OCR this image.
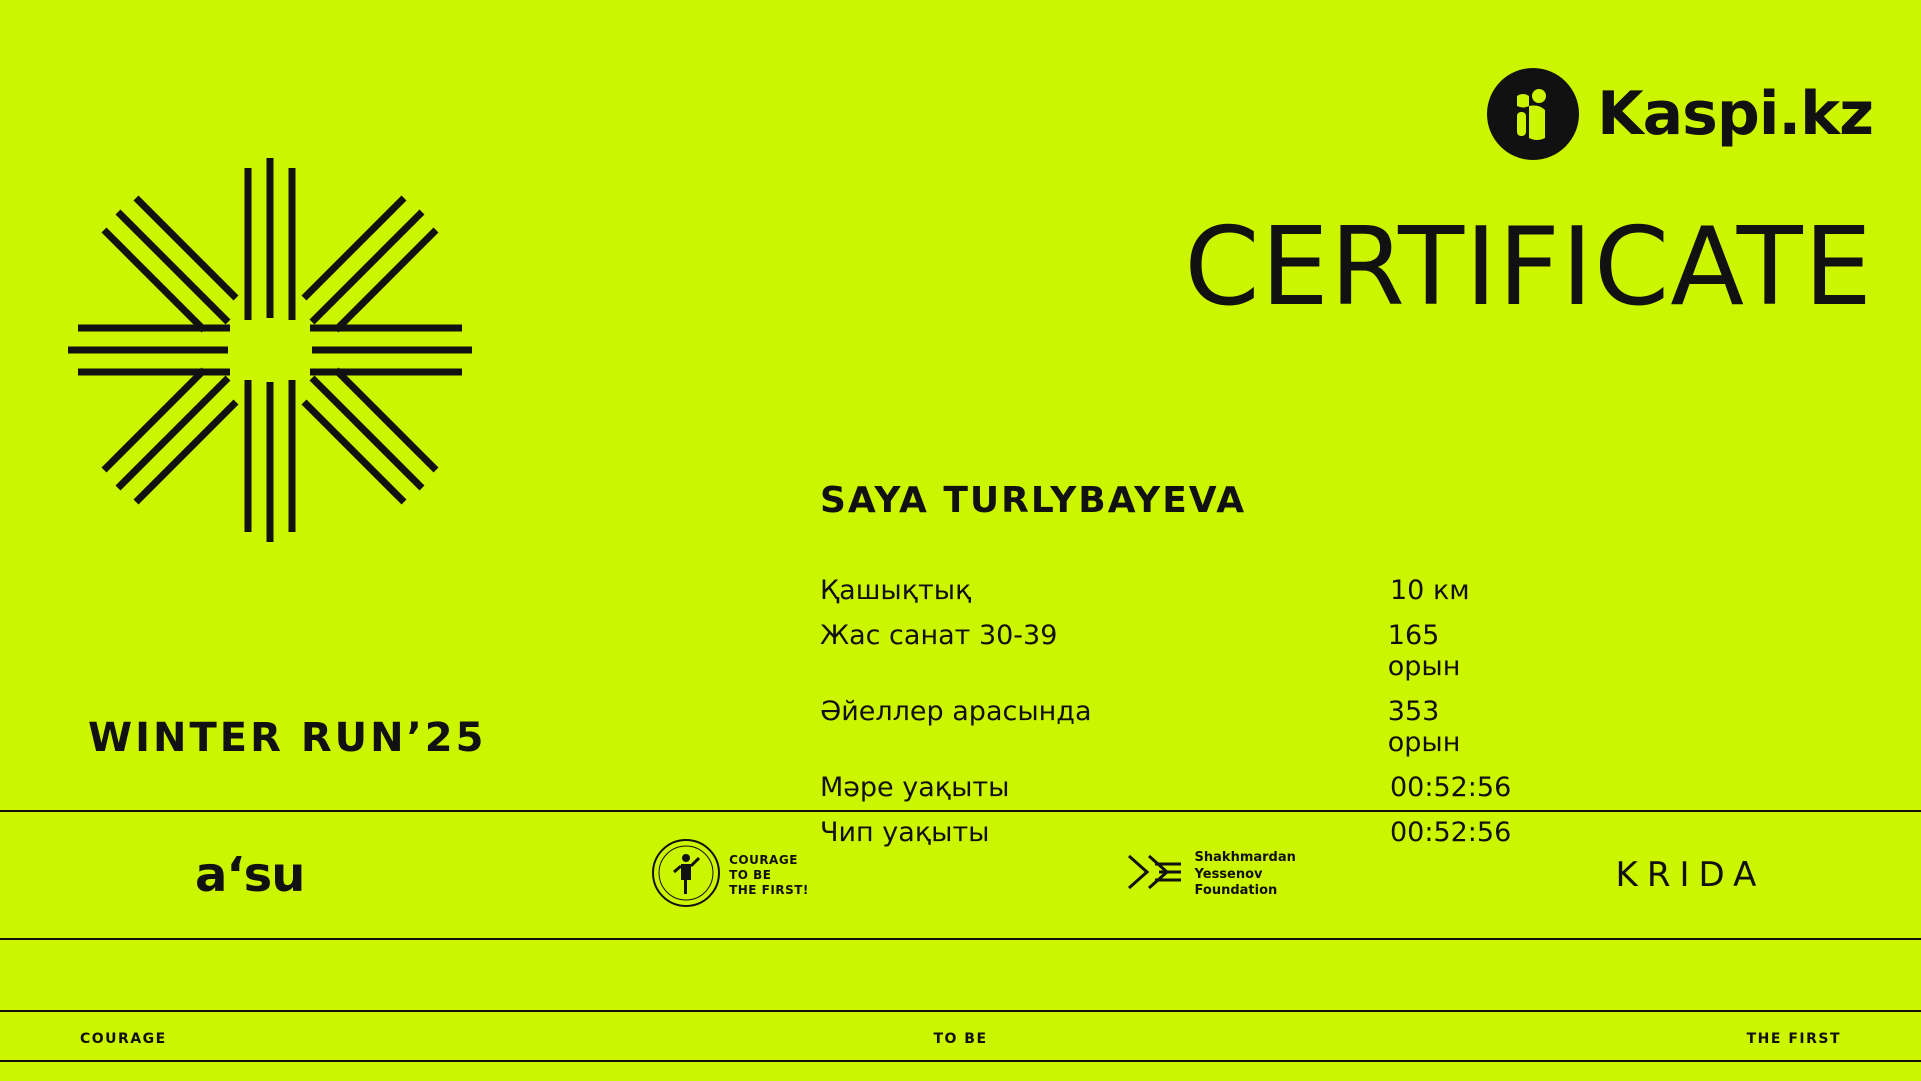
Kaspi.kz
WINTER RUN’25
CERTIFICATE
SAYA TURLYBAYEVA
Қашықтық	10 км
Жас санат 30-39	165 орын
Әйеллер арасында	353 орын
Мәре уақыты	00:52:56
Чип уақыты	00:52:56
aʻsu	COURAGE
TO BE
THE FIRST!
Shakhmardan
Yessenov
Foundation	KRIDA
COURAGE	TO BE	THE FIRST
